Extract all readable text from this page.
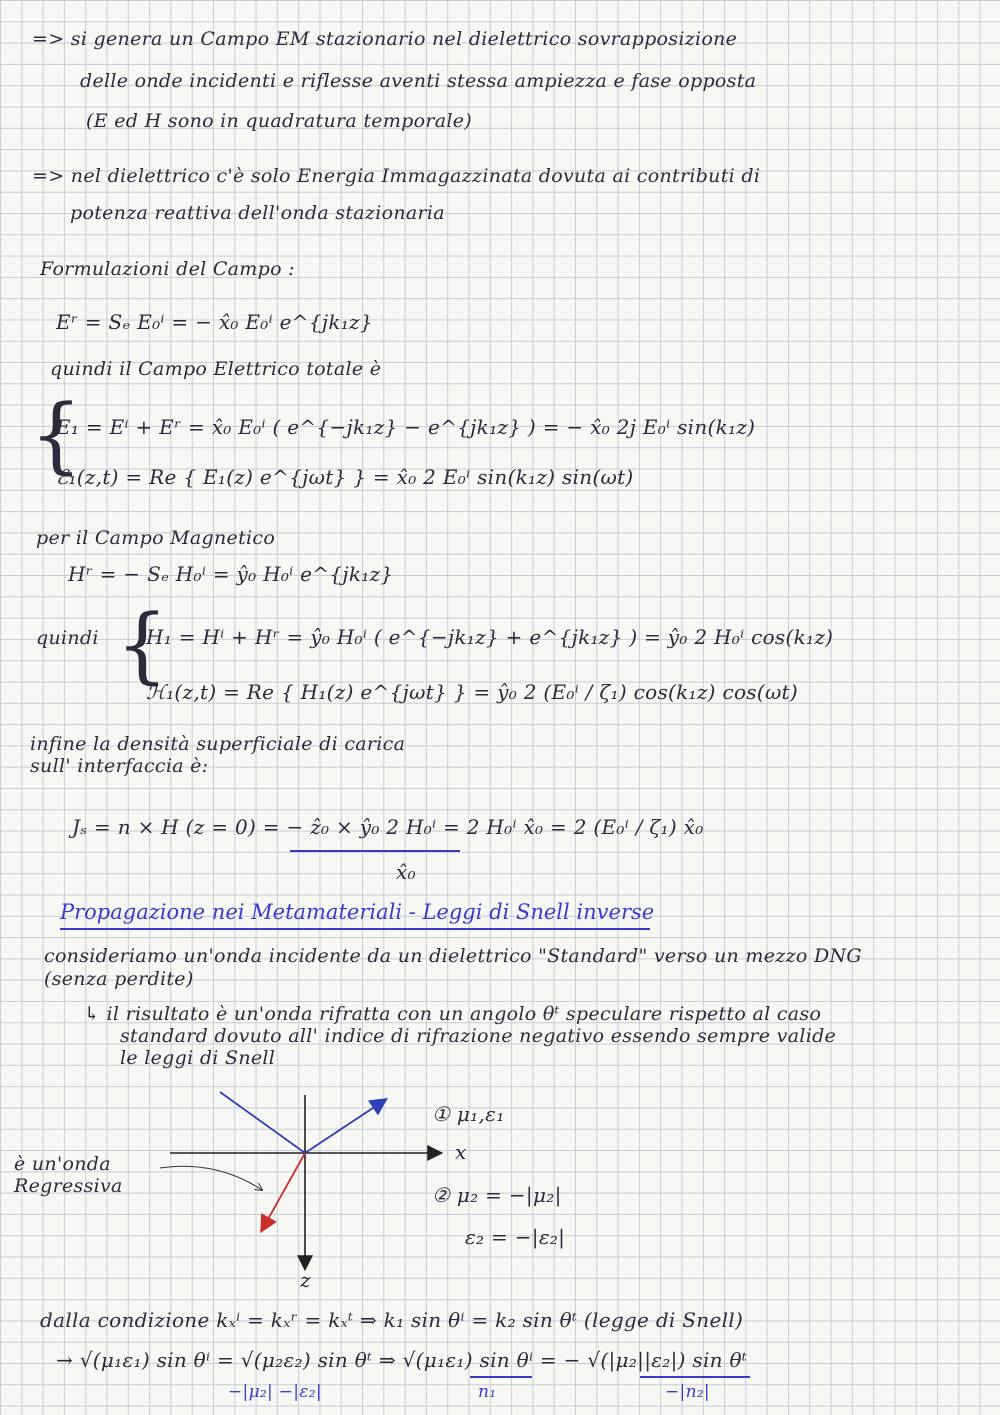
=> si genera un Campo EM stazionario nel dielettrico sovrapposizione
delle onde incidenti e riflesse aventi stessa ampiezza e fase opposta
(E ed H sono in quadratura temporale)
=> nel dielettrico c'è solo Energia Immagazzinata dovuta ai contributi di
potenza reattiva dell'onda stazionaria
Formulazioni del Campo :
Eʳ = Sₑ E₀ⁱ = − x̂₀ E₀ⁱ e^{jk₁z}
quindi il Campo Elettrico totale è
{
E₁ = Eⁱ + Eʳ = x̂₀ E₀ⁱ ( e^{−jk₁z} − e^{jk₁z} ) = − x̂₀ 2j E₀ⁱ sin(k₁z)
ℰ₁(z,t) = Re { E₁(z) e^{jωt} } = x̂₀ 2 E₀ⁱ sin(k₁z) sin(ωt)
per il Campo Magnetico
Hʳ = − Sₑ H₀ⁱ = ŷ₀ H₀ⁱ e^{jk₁z}
quindi {
H₁ = Hⁱ + Hʳ = ŷ₀ H₀ⁱ ( e^{−jk₁z} + e^{jk₁z} ) = ŷ₀ 2 H₀ⁱ cos(k₁z)
ℋ₁(z,t) = Re { H₁(z) e^{jωt} } = ŷ₀ 2 (E₀ⁱ / ζ₁) cos(k₁z) cos(ωt)
infine la densità superficiale di carica
sull' interfaccia è:
Jₛ = n × H (z = 0) = − ẑ₀ × ŷ₀ 2 H₀ⁱ = 2 H₀ⁱ x̂₀ = 2 (E₀ⁱ / ζ₁) x̂₀
x̂₀
Propagazione nei Metamateriali - Leggi di Snell inverse
consideriamo un'onda incidente da un dielettrico "Standard" verso un mezzo DNG
(senza perdite)
↳ il risultato è un'onda rifratta con un angolo θᵗ speculare rispetto al caso
standard dovuto all' indice di rifrazione negativo essendo sempre valide
le leggi di Snell
x
z
① μ₁,ε₁
② μ₂ = −|μ₂|
ε₂ = −|ε₂|
è un'onda
Regressiva
dalla condizione kₓⁱ = kₓʳ = kₓᵗ ⇒ k₁ sin θⁱ = k₂ sin θᵗ (legge di Snell)
→ √(μ₁ε₁) sin θⁱ = √(μ₂ε₂) sin θᵗ ⇒ √(μ₁ε₁) sin θⁱ = − √(|μ₂||ε₂|) sin θᵗ
n₁	−|n₂|
−|μ₂| −|ε₂|
